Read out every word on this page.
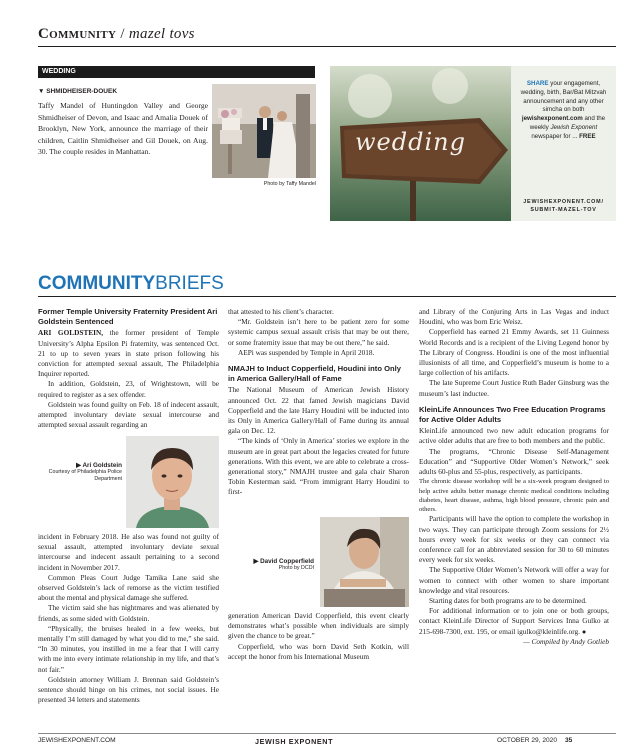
Community / mazel tovs
WEDDING
▼ SHMIDHEISER-DOUEK
Taffy Mandel of Huntingdon Valley and George Shmidheiser of Devon, and Isaac and Amalia Douek of Brooklyn, New York, announce the marriage of their children, Caitlin Shmidheiser and Gil Douek, on Aug. 30. The couple resides in Manhattan.
Photo by Taffy Mandel
wedding
SHARE your engagement, wedding, birth, Bar/Bat Mitzvah announcement and any other simcha on both jewishexponent.com and the weekly Jewish Exponent newspaper for ... FREE
JEWISHEXPONENT.COM/ SUBMIT-MAZEL-TOV
COMMUNITYBRIEFS
Former Temple University Fraternity President Ari Goldstein Sentenced

ARI GOLDSTEIN, the former president of Temple University’s Alpha Epsilon Pi fraternity, was sentenced Oct. 21 to up to seven years in state prison following his conviction for attempted sexual assault, The Philadelphia Inquirer reported.

In addition, Goldstein, 23, of Wrightstown, will be required to register as a sex offender.

Goldstein was found guilty on Feb. 18 of indecent assault, attempted involuntary deviate sexual intercourse and attempted sexual assault regarding an

▶ Ari Goldstein
Courtesy of Philadelphia Police Department

incident in February 2018. He also was found not guilty of sexual assault, attempted involuntary deviate sexual intercourse and indecent assault pertaining to a second incident in November 2017.

Common Pleas Court Judge Tamika Lane said she observed Goldstein’s lack of remorse as the victim testified about the mental and physical damage she suffered.

The victim said she has nightmares and was alienated by friends, as some sided with Goldstein.

“Physically, the bruises healed in a few weeks, but mentally I’m still damaged by what you did to me,” she said. “In 30 minutes, you instilled in me a fear that I will carry with me into every intimate relationship in my life, and that’s not fair.”

Goldstein attorney William J. Brennan said Goldstein’s sentence should hinge on his crimes, not social issues. He presented 34 letters and statements

that attested to his client’s character.

“Mr. Goldstein isn’t here to be patient zero for some systemic campus sexual assault crisis that may be out there, or some fraternity issue that may be out there,” he said.

AEPi was suspended by Temple in April 2018.

NMAJH to Induct Copperfield, Houdini into Only in America Gallery/Hall of Fame

The National Museum of American Jewish History announced Oct. 22 that famed Jewish magicians David Copperfield and the late Harry Houdini will be inducted into its Only in America Gallery/Hall of Fame during its annual gala on Dec. 12.

“The kinds of ‘Only in America’ stories we explore in the museum are in great part about the legacies created for future generations. With this event, we are able to celebrate a cross-generational story,” NMAJH trustee and gala chair Sharon Tobin Kesterman said. “From immigrant Harry Houdini to first-

▶ David Copperfield
Photo by DCDI

generation American David Copperfield, this event clearly demonstrates what’s possible when individuals are simply given the chance to be great.”

Copperfield, who was born David Seth Kotkin, will accept the honor from his International Museum

and Library of the Conjuring Arts in Las Vegas and induct Houdini, who was born Eric Weisz.

Copperfield has earned 21 Emmy Awards, set 11 Guinness World Records and is a recipient of the Living Legend honor by The Library of Congress. Houdini is one of the most influential illusionists of all time, and Copperfield’s museum is home to a large collection of his artifacts.

The late Supreme Court Justice Ruth Bader Ginsburg was the museum’s last inductee.

KleinLife Announces Two Free Education Programs for Active Older Adults

KleinLife announced two new adult education programs for active older adults that are free to both members and the public.

The programs, “Chronic Disease Self-Management Education” and “Supportive Older Women’s Network,” seek adults 60-plus and 55-plus, respectively, as participants.

The chronic disease workshop will be a six-week program designed to help active adults better manage chronic medical conditions including diabetes, heart disease, asthma, high blood pressure, chronic pain and others.

Participants will have the option to complete the workshop in two ways. They can participate through Zoom sessions for 2½ hours every week for six weeks or they can connect via conference call for an abbreviated session for 30 to 60 minutes every week for six weeks.

The Supportive Older Women’s Network will offer a way for women to connect with other women to share important knowledge and vital resources.

Starting dates for both programs are to be determined.

For additional information or to join one or both groups, contact KleinLife Director of Support Services Inna Gulko at 215-698-7300, ext. 195, or email igulko@kleinlife.org. ●

— Compiled by Andy Gotlieb
JEWISHEXPONENT.COM	JEWISH EXPONENT	OCTOBER 29, 2020 35
